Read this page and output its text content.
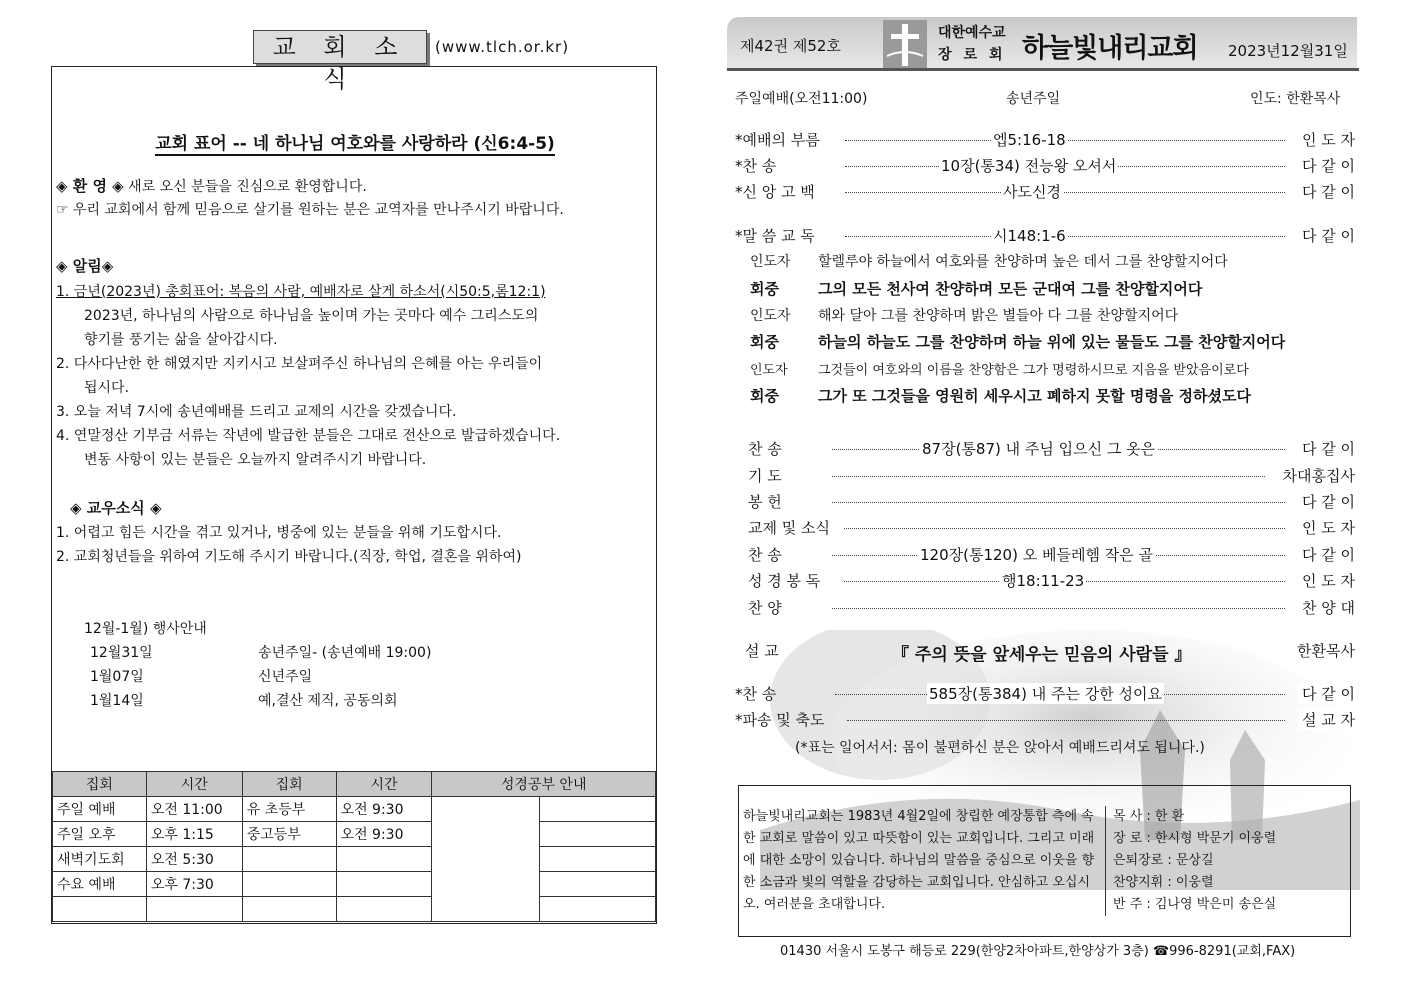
교 회 소 식
(www.tlch.or.kr)
교회 표어 -- 네 하나님 여호와를 사랑하라 (신6:4-5)
◈ 환 영 ◈ 새로 오신 분들을 진심으로 환영합니다.
☞ 우리 교회에서 함께 믿음으로 살기를 원하는 분은 교역자를 만나주시기 바랍니다.
◈ 알림◈
1. 금년(2023년) 총회표어: 복음의 사람, 예배자로 살게 하소서(시50:5,롬12:1)
2023년, 하나님의 사람으로 하나님을 높이며 가는 곳마다 예수 그리스도의
향기를 풍기는 삶을 살아갑시다.
2. 다사다난한 한 해였지만 지키시고 보살펴주신 하나님의 은혜를 아는 우리들이
됩시다.
3. 오늘 저녁 7시에 송년예배를 드리고 교제의 시간을 갖겠습니다.
4. 연말정산 기부금 서류는 작년에 발급한 분들은 그대로 전산으로 발급하겠습니다.
변동 사항이 있는 분들은 오늘까지 알려주시기 바랍니다.
◈ 교우소식 ◈
1. 어렵고 힘든 시간을 겪고 있거나, 병중에 있는 분들을 위해 기도합시다.
2. 교회청년들을 위하여 기도해 주시기 바랍니다.(직장, 학업, 결혼을 위하여)
12월-1월) 행사안내
12월31일	송년주일- (송년예배 19:00)
1월07일	신년주일
1월14일	예,결산 제직, 공동의회
집회	시간	집회	시간	성경공부 안내	
주일 예배	오전 11:00	유 초등부	오전 9:30		
주일 오후	오후 1:15	중고등부	오전 9:30		
새벽기도회	오전 5:30				
수요 예배	오후 7:30				

제42권 제52호
대한예수교
장로회 하늘빛내리교회 2023년12월31일
주일예배(오전11:00)	송년주일	인도: 한환목사
*예배의 부름	엡5:16-18	인 도 자
*찬 송	10장(통34) 전능왕 오셔서	다 같 이
*신 앙 고 백	사도신경	다 같 이
*말 씀 교 독	시148:1-6	다 같 이
인도자 할렐루야 하늘에서 여호와를 찬양하며 높은 데서 그를 찬양할지어다
회중	그의 모든 천사여 찬양하며 모든 군대여 그를 찬양할지어다
인도자 해와 달아 그를 찬양하며 밝은 별들아 다 그를 찬양할지어다
회중	하늘의 하늘도 그를 찬양하며 하늘 위에 있는 물들도 그를 찬양할지어다
인도자 그것들이 여호와의 이름을 찬양함은 그가 명령하시므로 지음을 받았음이로다
회중	그가 또 그것들을 영원히 세우시고 폐하지 못할 명령을 정하셨도다
찬 송	87장(통87) 내 주님 입으신 그 옷은	다 같 이
기 도	차대홍집사
봉 헌	다 같 이
교제 및 소식	인 도 자
찬 송	120장(통120) 오 베들레헴 작은 골	다 같 이
성 경 봉 독	행18:11-23	인 도 자
찬 양	찬 양 대
설 교	『 주의 뜻을 앞세우는 믿음의 사람들 』	한환목사
*찬 송	585장(통384) 내 주는 강한 성이요	다 같 이
*파송 및 축도	설 교 자
(*표는 일어서서: 몸이 불편하신 분은 앉아서 예배드리셔도 됩니다.)
하늘빛내리교회는 1983년 4월2일에 창립한 예장통합 측에 속한 교회로 말씀이 있고 따뜻함이 있는 교회입니다. 그리고 미래에 대한 소망이 있습니다. 하나님의 말씀을 중심으로 이웃을 향한 소금과 빛의 역할을 감당하는 교회입니다. 안심하고 오십시오. 여러분을 초대합니다.
목 사 : 한 환
장 로 : 한시형 박문기 이웅렬
은퇴장로 : 문상길
찬양지휘 : 이웅렬
반 주 : 김나영 박은미 송은실
01430 서울시 도봉구 해등로 229(한양2차아파트,한양상가 3층) ☎996-8291(교회,FAX)
